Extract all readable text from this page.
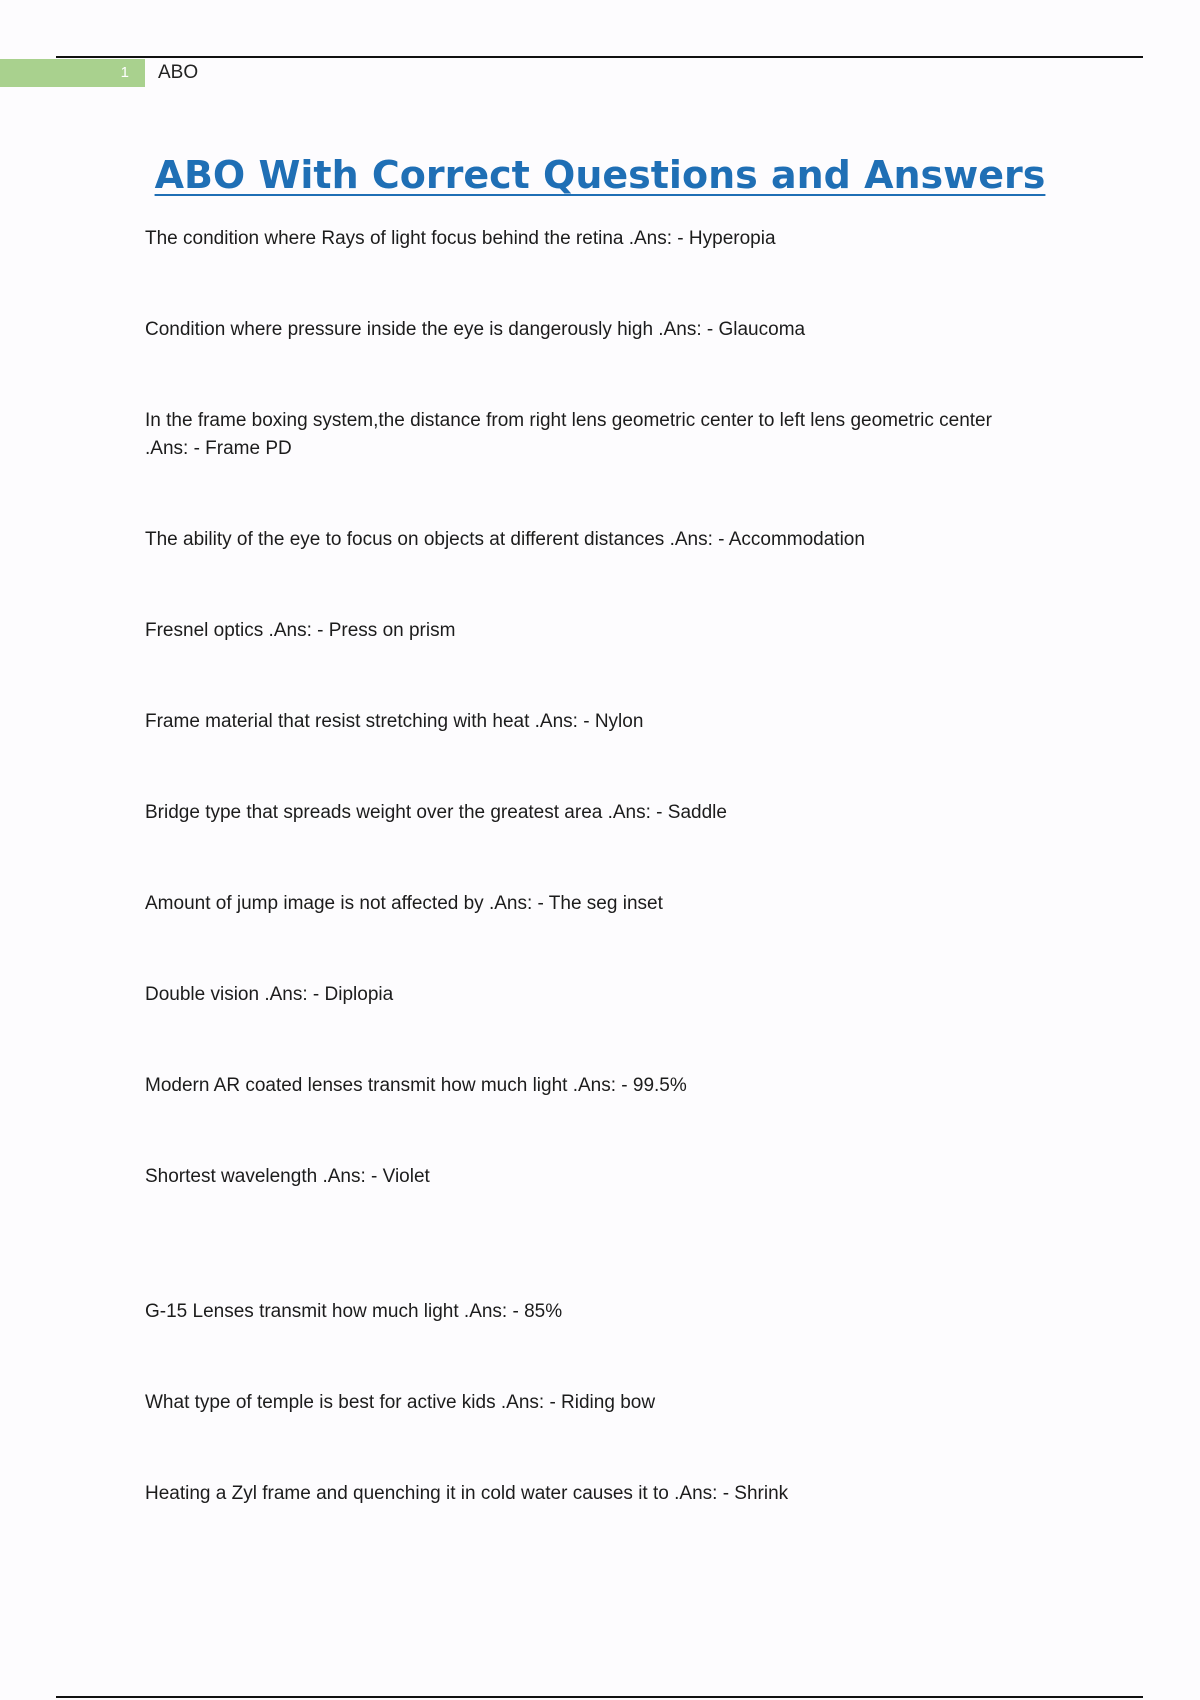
1	ABO
ABO With Correct Questions and Answers

The condition where Rays of light focus behind the retina .Ans: - Hyperopia

Condition where pressure inside the eye is dangerously high .Ans: - Glaucoma

In the frame boxing system,the distance from right lens geometric center to left lens geometric center .Ans: - Frame PD

The ability of the eye to focus on objects at different distances .Ans: - Accommodation

Fresnel optics .Ans: - Press on prism

Frame material that resist stretching with heat .Ans: - Nylon

Bridge type that spreads weight over the greatest area .Ans: - Saddle

Amount of jump image is not affected by .Ans: - The seg inset

Double vision .Ans: - Diplopia

Modern AR coated lenses transmit how much light .Ans: - 99.5%

Shortest wavelength .Ans: - Violet

G-15 Lenses transmit how much light .Ans: - 85%

What type of temple is best for active kids .Ans: - Riding bow

Heating a Zyl frame and quenching it in cold water causes it to .Ans: - Shrink
